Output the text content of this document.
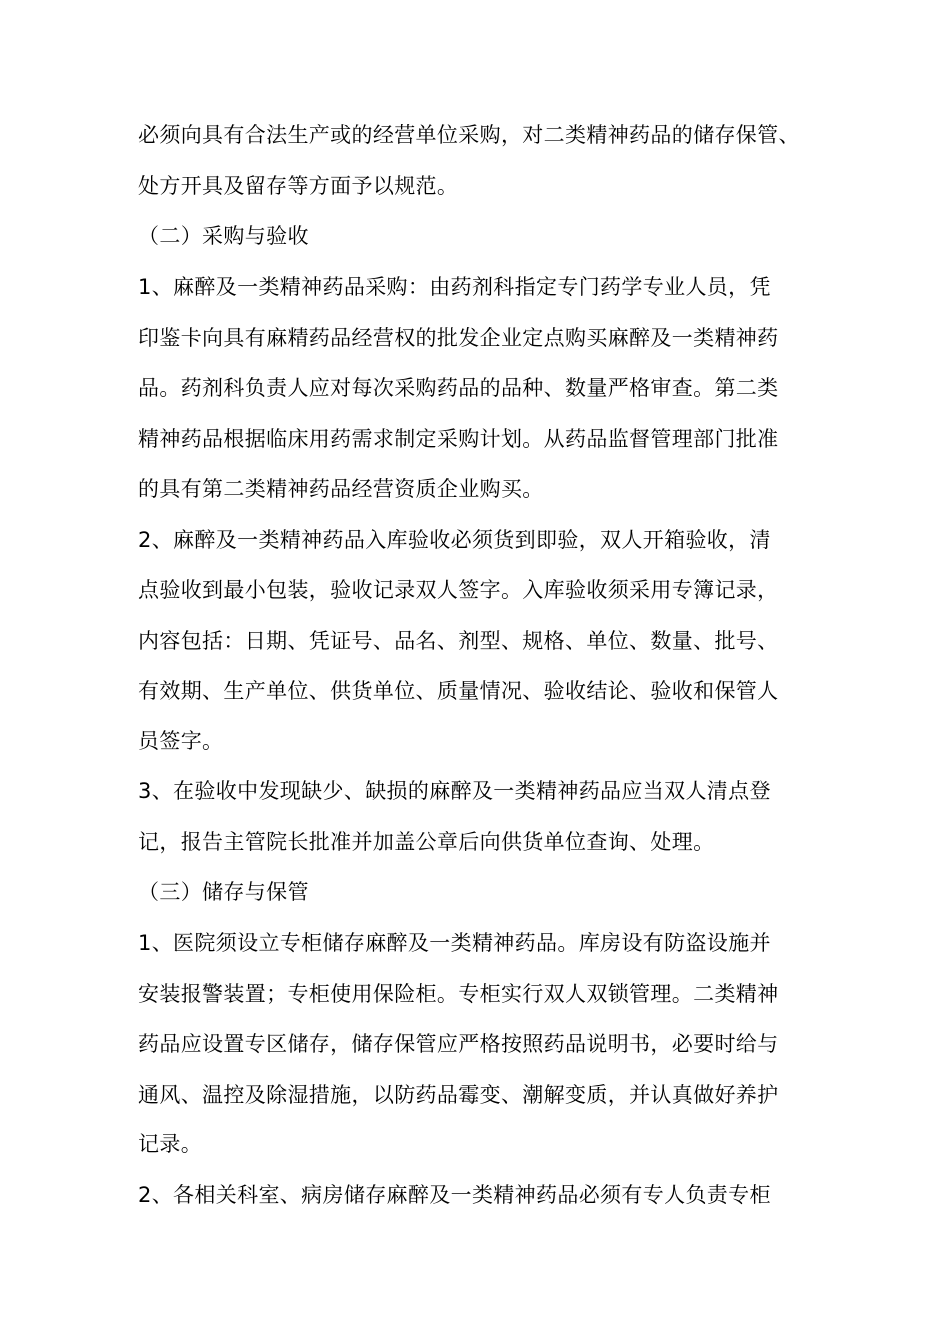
必须向具有合法生产或的经营单位采购，对二类精神药品的储存保管、

处方开具及留存等方面予以规范。

（二）采购与验收

1、麻醉及一类精神药品采购：由药剂科指定专门药学专业人员，凭

印鉴卡向具有麻精药品经营权的批发企业定点购买麻醉及一类精神药

品。药剂科负责人应对每次采购药品的品种、数量严格审查。第二类

精神药品根据临床用药需求制定采购计划。从药品监督管理部门批准

的具有第二类精神药品经营资质企业购买。

2、麻醉及一类精神药品入库验收必须货到即验，双人开箱验收，清

点验收到最小包装，验收记录双人签字。入库验收须采用专簿记录，

内容包括：日期、凭证号、品名、剂型、规格、单位、数量、批号、

有效期、生产单位、供货单位、质量情况、验收结论、验收和保管人

员签字。

3、在验收中发现缺少、缺损的麻醉及一类精神药品应当双人清点登

记，报告主管院长批准并加盖公章后向供货单位查询、处理。

（三）储存与保管

1、医院须设立专柜储存麻醉及一类精神药品。库房设有防盗设施并

安装报警装置；专柜使用保险柜。专柜实行双人双锁管理。二类精神

药品应设置专区储存，储存保管应严格按照药品说明书，必要时给与

通风、温控及除湿措施，以防药品霉变、潮解变质，并认真做好养护

记录。

2、各相关科室、病房储存麻醉及一类精神药品必须有专人负责专柜
